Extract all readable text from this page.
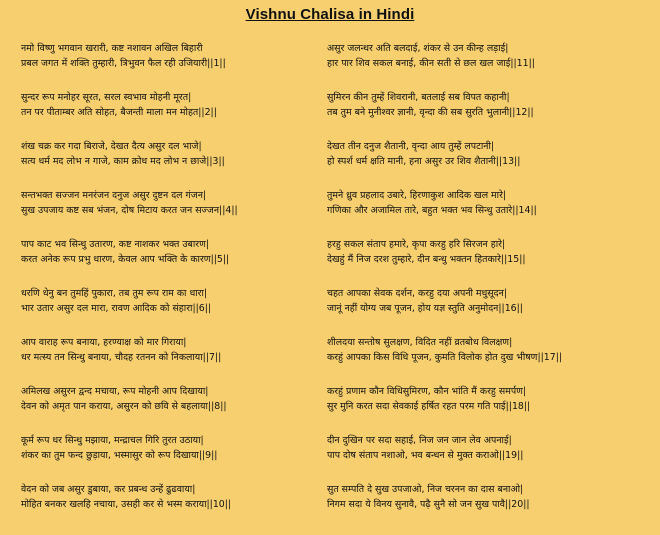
Vishnu Chalisa in Hindi
नमो विष्णु भगवान खरारी, कष्ट नशावन अखिल बिहारी
प्रबल जगत में शक्ति तुम्हारी, त्रिभुवन फैल रही उजियारी||1||
सुन्दर रूप मनोहर सूरत, सरल स्वभाव मोहनी मूरत|
तन पर पीताम्बर अति सोहत, बैजन्ती माला मन मोहत||2||
शंख चक्र कर गदा बिराजे, देखत दैत्य असुर दल भाजे|
सत्य धर्म मद लोभ न गाजे, काम क्रोध मद लोभ न छाजे||3||
सन्तभक्त सज्जन मनरंजन दनुज असुर दुष्टन दल गंजन|
सुख उपजाय कष्ट सब भंजन, दोष मिटाय करत जन सज्जन||4||
पाप काट भव सिन्धु उतारण, कष्ट नाशकर भक्त उबारण|
करत अनेक रूप प्रभु धारण, केवल आप भक्ति के कारण||5||
धरणि धेनु बन तुमहिं पुकारा, तब तुम रूप राम का धारा|
भार उतार असुर दल मारा, रावण आदिक को संहारा||6||
आप वाराह रूप बनाया, हरण्याक्ष को मार गिराया|
धर मत्स्य तन सिन्धु बनाया, चौदह रतनन को निकलाया||7||
अमिलख असुरन द्वन्द मचाया, रूप मोहनी आप दिखाया|
देवन को अमृत पान कराया, असुरन को छवि से बहलाया||8||
कूर्म रूप धर सिन्धु मझाया, मन्द्राचल गिरि तुरत उठाया|
शंकर का तुम फन्द छुड़ाया, भस्मासुर को रूप दिखाया||9||
वेदन को जब असुर डुबाया, कर प्रबन्ध उन्हें ढुढवाया|
मोहित बनकर खलहि नचाया, उसही कर से भस्म कराया||10||
असुर जलन्धर अति बलदाई, शंकर से उन कीन्ह लड़ाई|
हार पार शिव सकल बनाई, कीन सती से छल खल जाई||11||
सुमिरन कीन तुम्हें शिवरानी, बतलाई सब विपत कहानी|
तब तुम बने मुनीश्वर ज्ञानी, वृन्दा की सब सुरति भुलानी||12||
देखत तीन दनुज शैतानी, वृन्दा आय तुम्हें लपटानी|
हो स्पर्श धर्म क्षति मानी, हना असुर उर शिव शैतानी||13||
तुमने ध्रुव प्रहलाद उबारे, हिरणाकुश आदिक खल मारे|
गणिका और अजामिल तारे, बहुत भक्त भव सिन्धु उतारे||14||
हरहु सकल संताप हमारे, कृपा करहु हरि सिरजन हारे|
देखहुं मैं निज दरश तुम्हारे, दीन बन्धु भक्तन हितकारे||15||
चहत आपका सेवक दर्शन, करहु दया अपनी मधुसूदन|
जानूं नहीं योग्य जब पूजन, होय यज्ञ स्तुति अनुमोदन||16||
शीलदया सन्तोष सुलक्षण, विदित नहीं व्रतबोध विलक्षण|
करहुं आपका किस विधि पूजन, कुमति विलोक होत दुख भीषण||17||
करहुं प्रणाम कौन विधिसुमिरण, कौन भांति मैं करहु समर्पण|
सुर मुनि करत सदा सेवकाई हर्षित रहत परम गति पाई||18||
दीन दुखिन पर सदा सहाई, निज जन जान लेव अपनाई|
पाप दोष संताप नशाओ, भव बन्धन से मुक्त कराओ||19||
सुत सम्पति दे सुख उपजाओ, निज चरनन का दास बनाओ|
निगम सदा ये विनय सुनावै, पढ़ै सुनै सो जन सुख पावै||20||
